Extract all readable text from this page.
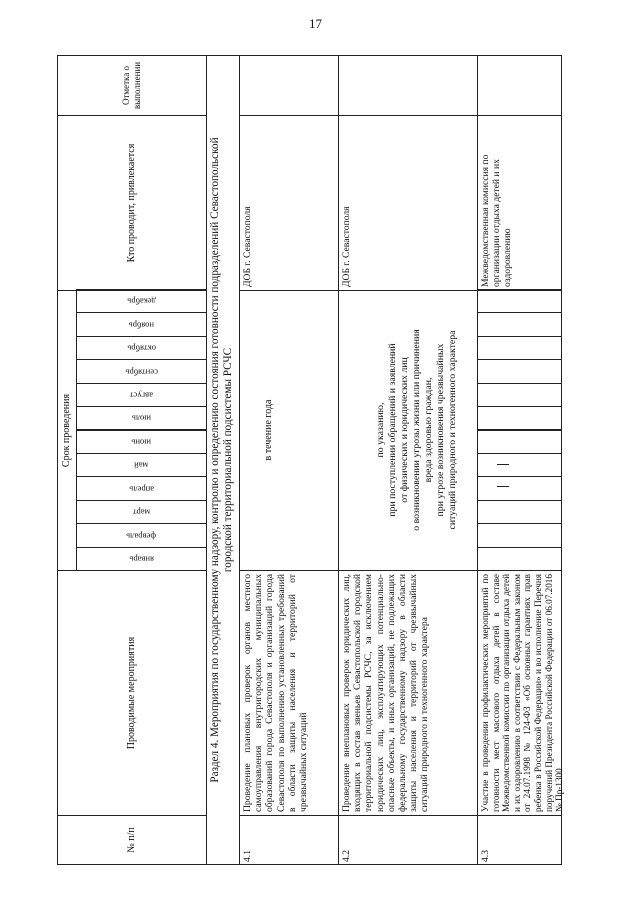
17
№ п/п
Проводимые мероприятия
Срок проведения
Кто проводит, привлекается
Отметка о выполнении
Раздел 4. Мероприятия по государственному надзору, контролю и определению состояния готовности подразделений Севастопольской городской территориальной подсистемы РСЧС
4.1
Проведение плановых проверок органов местного самоуправления внутригородских муниципальных образований города Севастополя и организаций города Севастополя по выполнению установленных требований в области защиты населения и территорий от чрезвычайных ситуаций
в течение года
ДОБ г. Севастополя
4.2
Проведение внеплановых проверок юридических лиц, входящих в состав звеньев Севастопольской городской территориальной подсистемы РСЧС, за исключением юридических лиц, эксплуатирующих потенциально-опасные объекты, и иных организаций, не подлежащих федеральному государственному надзору в области защиты населения и территорий от чрезвычайных ситуаций природного и техногенного характера
по указанию, при поступлении обращений и заявлений от физических и юридических лиц о возникновении угрозы жизни или причинения вреда здоровью граждан, при угрозе возникновения чрезвычайных ситуаций природного и техногенного характера
ДОБ г. Севастополя
4.3
Участие в проведении профилактических мероприятий по готовности мест массового отдыха детей в составе Межведомственной комиссии по организации отдыха детей и их оздоровлению в соответствии с Федеральным законом от 24.07.1998 № 124-ФЗ «Об основных гарантиях прав ребенка в Российской Федерации» и во исполнение Перечня поручений Президента Российской Федерации от 06.07.2016 № Пр-1300
Межведомственная комиссия по организации отдыха детей и их оздоровлению
январь
февраль
март
апрель
май
июнь
июль
август
сентябрь
октябрь
ноябрь
декабрь
